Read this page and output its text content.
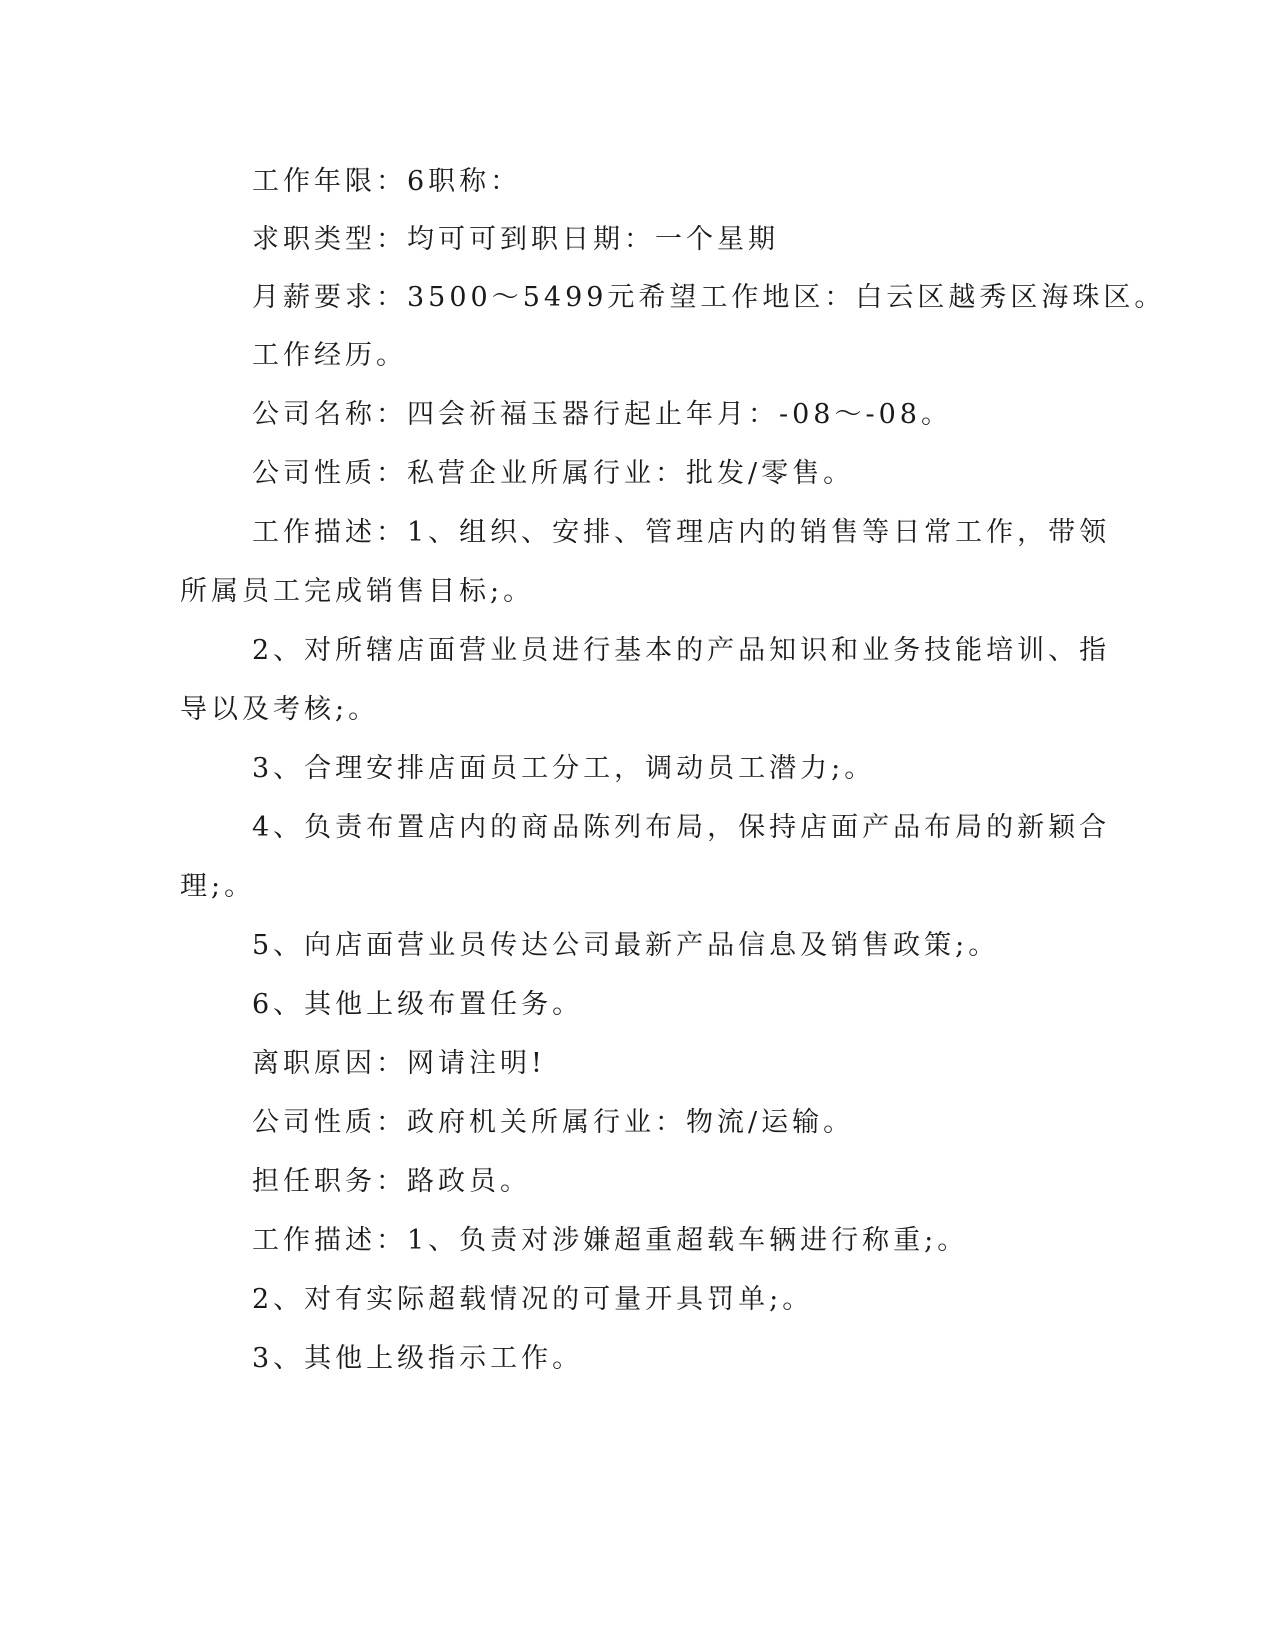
工作年限：6职称：
求职类型：均可可到职日期：一个星期
月薪要求：3500～5499元希望工作地区：白云区越秀区海珠区。
工作经历。
公司名称：四会祈福玉器行起止年月：-08～-08。
公司性质：私营企业所属行业：批发/零售。
工作描述：1、组织、安排、管理店内的销售等日常工作，带领
所属员工完成销售目标;。
2、对所辖店面营业员进行基本的产品知识和业务技能培训、指
导以及考核;。
3、合理安排店面员工分工，调动员工潜力;。
4、负责布置店内的商品陈列布局，保持店面产品布局的新颖合
理;。
5、向店面营业员传达公司最新产品信息及销售政策;。
6、其他上级布置任务。
离职原因：网请注明!
公司性质：政府机关所属行业：物流/运输。
担任职务：路政员。
工作描述：1、负责对涉嫌超重超载车辆进行称重;。
2、对有实际超载情况的可量开具罚单;。
3、其他上级指示工作。
